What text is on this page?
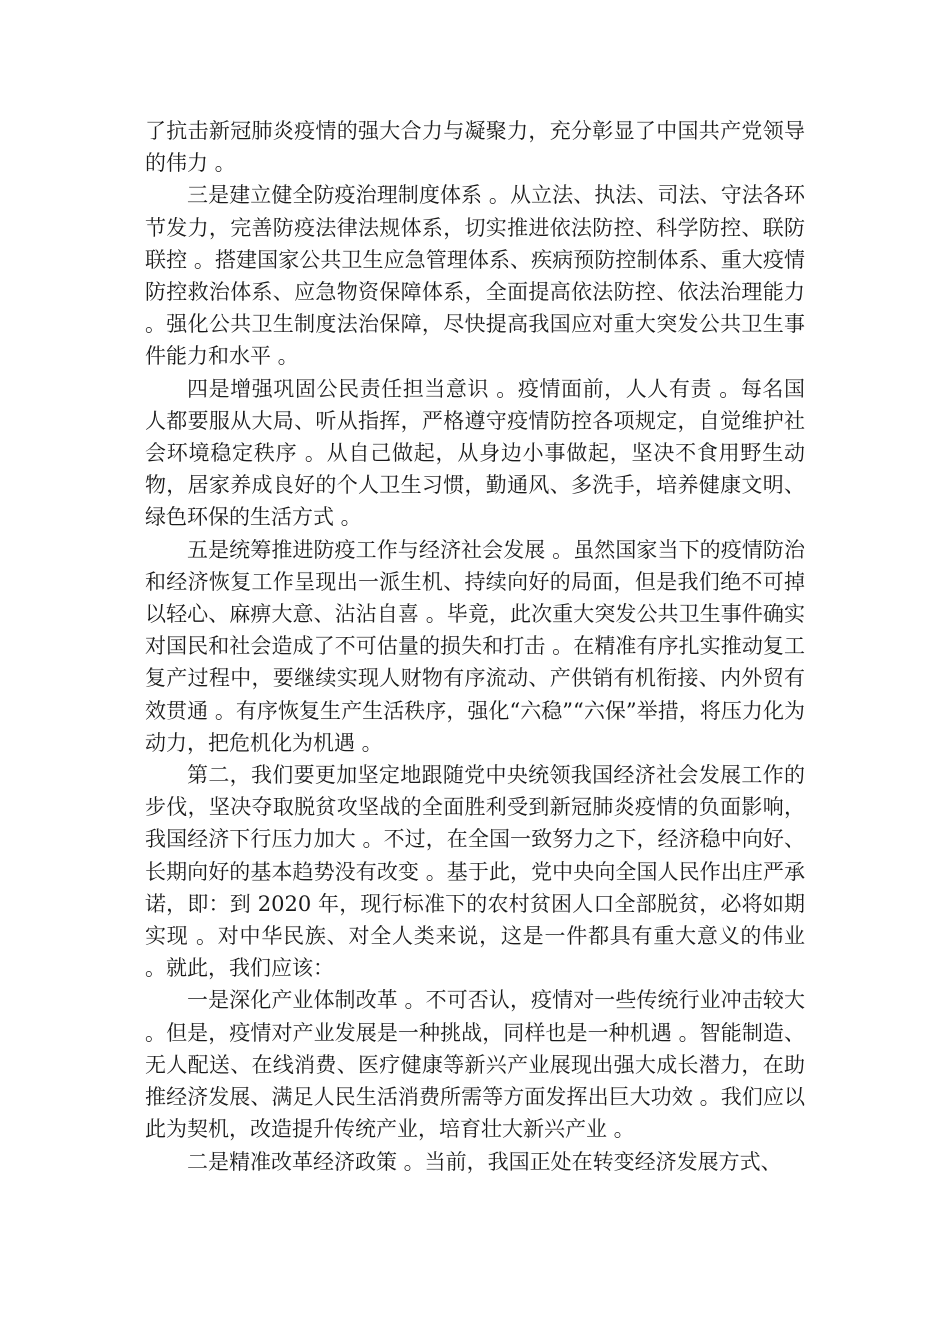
了抗击新冠肺炎疫情的强大合力与凝聚力，充分彰显了中国共产党领导的伟力 。

三是建立健全防疫治理制度体系 。从立法、执法、司法、守法各环节发力，完善防疫法律法规体系，切实推进依法防控、科学防控、联防联控 。搭建国家公共卫生应急管理体系、疾病预防控制体系、重大疫情防控救治体系、应急物资保障体系，全面提高依法防控、依法治理能力 。强化公共卫生制度法治保障，尽快提高我国应对重大突发公共卫生事件能力和水平 。

四是增强巩固公民责任担当意识 。疫情面前，人人有责 。每名国人都要服从大局、听从指挥，严格遵守疫情防控各项规定，自觉维护社会环境稳定秩序 。从自己做起，从身边小事做起，坚决不食用野生动物，居家养成良好的个人卫生习惯，勤通风、多洗手，培养健康文明、绿色环保的生活方式 。

五是统筹推进防疫工作与经济社会发展 。虽然国家当下的疫情防治和经济恢复工作呈现出一派生机、持续向好的局面，但是我们绝不可掉以轻心、麻痹大意、沾沾自喜 。毕竟，此次重大突发公共卫生事件确实对国民和社会造成了不可估量的损失和打击 。在精准有序扎实推动复工复产过程中，要继续实现人财物有序流动、产供销有机衔接、内外贸有效贯通 。有序恢复生产生活秩序，强化“六稳”“六保”举措，将压力化为动力，把危机化为机遇 。

第二，我们要更加坚定地跟随党中央统领我国经济社会发展工作的步伐，坚决夺取脱贫攻坚战的全面胜利受到新冠肺炎疫情的负面影响，我国经济下行压力加大 。不过，在全国一致努力之下，经济稳中向好、长期向好的基本趋势没有改变 。基于此，党中央向全国人民作出庄严承诺，即：到 2020 年，现行标准下的农村贫困人口全部脱贫，必将如期实现 。对中华民族、对全人类来说，这是一件都具有重大意义的伟业 。就此，我们应该：

一是深化产业体制改革 。不可否认，疫情对一些传统行业冲击较大 。但是，疫情对产业发展是一种挑战，同样也是一种机遇 。智能制造、无人配送、在线消费、医疗健康等新兴产业展现出强大成长潜力，在助推经济发展、满足人民生活消费所需等方面发挥出巨大功效 。我们应以此为契机，改造提升传统产业，培育壮大新兴产业 。

二是精准改革经济政策 。当前，我国正处在转变经济发展方式、
